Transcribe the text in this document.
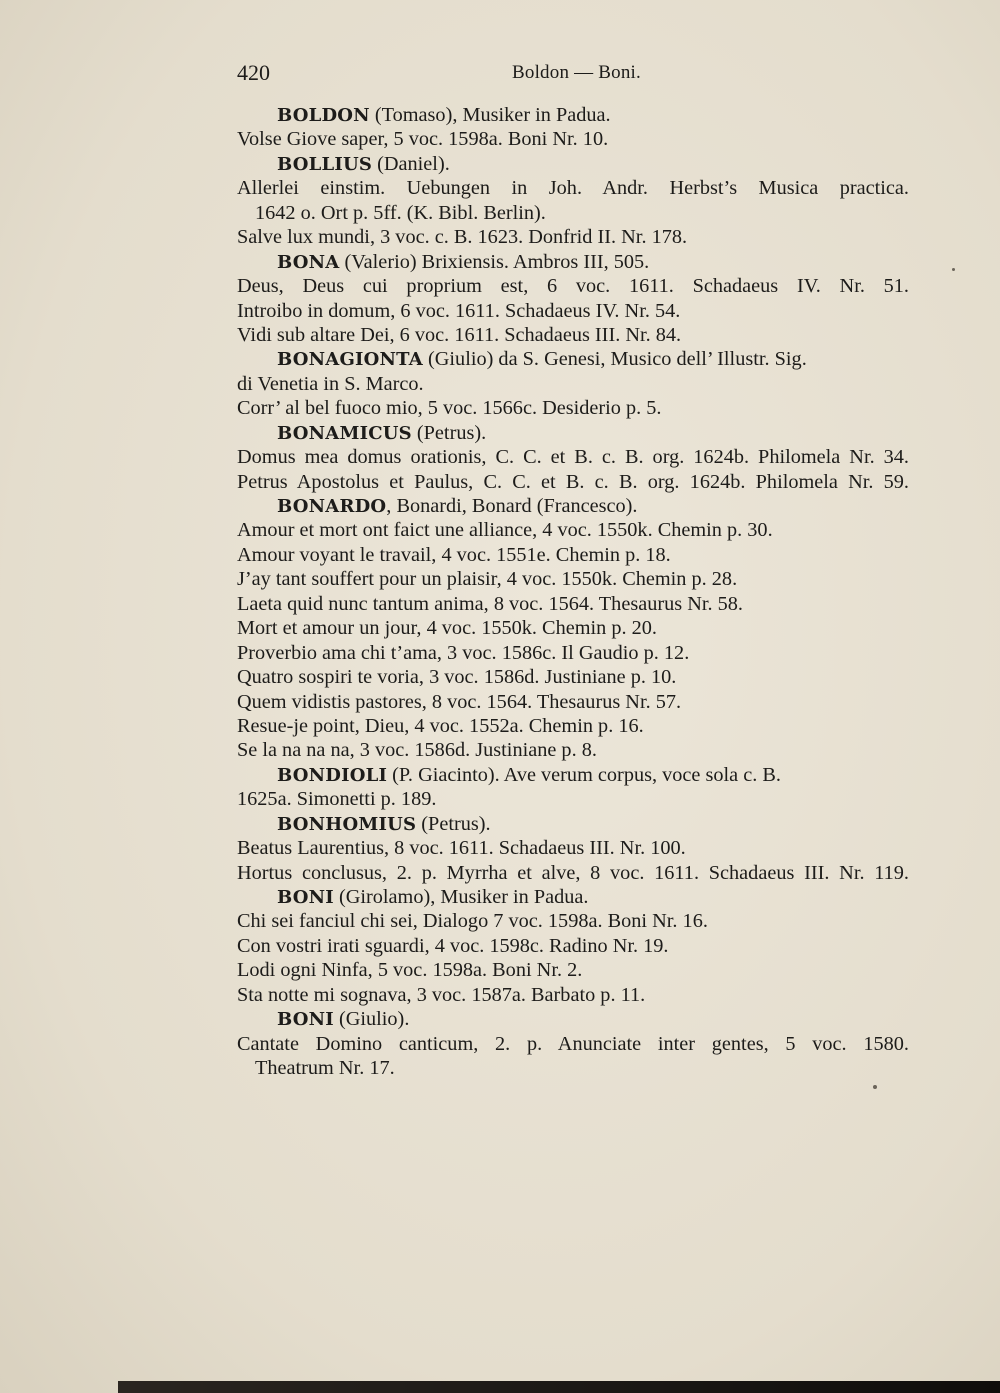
420	Boldon — Boni.
BOLDON (Tomaso), Musiker in Padua.
Volse Giove saper, 5 voc. 1598a. Boni Nr. 10.
BOLLIUS (Daniel).
Allerlei einstim. Uebungen in Joh. Andr. Herbst’s Musica practica.
1642 o. Ort p. 5ff. (K. Bibl. Berlin).
Salve lux mundi, 3 voc. c. B. 1623. Donfrid II. Nr. 178.
BONA (Valerio) Brixiensis. Ambros III, 505.
Deus, Deus cui proprium est, 6 voc. 1611. Schadaeus IV. Nr. 51.
Introibo in domum, 6 voc. 1611. Schadaeus IV. Nr. 54.
Vidi sub altare Dei, 6 voc. 1611. Schadaeus III. Nr. 84.
BONAGIONTA (Giulio) da S. Genesi, Musico dell’ Illustr. Sig.
di Venetia in S. Marco.
Corr’ al bel fuoco mio, 5 voc. 1566c. Desiderio p. 5.
BONAMICUS (Petrus).
Domus mea domus orationis, C. C. et B. c. B. org. 1624b. Philomela Nr. 34.
Petrus Apostolus et Paulus, C. C. et B. c. B. org. 1624b. Philomela Nr. 59.
BONARDO, Bonardi, Bonard (Francesco).
Amour et mort ont faict une alliance, 4 voc. 1550k. Chemin p. 30.
Amour voyant le travail, 4 voc. 1551e. Chemin p. 18.
J’ay tant souffert pour un plaisir, 4 voc. 1550k. Chemin p. 28.
Laeta quid nunc tantum anima, 8 voc. 1564. Thesaurus Nr. 58.
Mort et amour un jour, 4 voc. 1550k. Chemin p. 20.
Proverbio ama chi t’ama, 3 voc. 1586c. Il Gaudio p. 12.
Quatro sospiri te voria, 3 voc. 1586d. Justiniane p. 10.
Quem vidistis pastores, 8 voc. 1564. Thesaurus Nr. 57.
Resue-je point, Dieu, 4 voc. 1552a. Chemin p. 16.
Se la na na na, 3 voc. 1586d. Justiniane p. 8.
BONDIOLI (P. Giacinto). Ave verum corpus, voce sola c. B.
1625a. Simonetti p. 189.
BONHOMIUS (Petrus).
Beatus Laurentius, 8 voc. 1611. Schadaeus III. Nr. 100.
Hortus conclusus, 2. p. Myrrha et alve, 8 voc. 1611. Schadaeus III. Nr. 119.
BONI (Girolamo), Musiker in Padua.
Chi sei fanciul chi sei, Dialogo 7 voc. 1598a. Boni Nr. 16.
Con vostri irati sguardi, 4 voc. 1598c. Radino Nr. 19.
Lodi ogni Ninfa, 5 voc. 1598a. Boni Nr. 2.
Sta notte mi sognava, 3 voc. 1587a. Barbato p. 11.
BONI (Giulio).
Cantate Domino canticum, 2. p. Anunciate inter gentes, 5 voc. 1580.
Theatrum Nr. 17.
